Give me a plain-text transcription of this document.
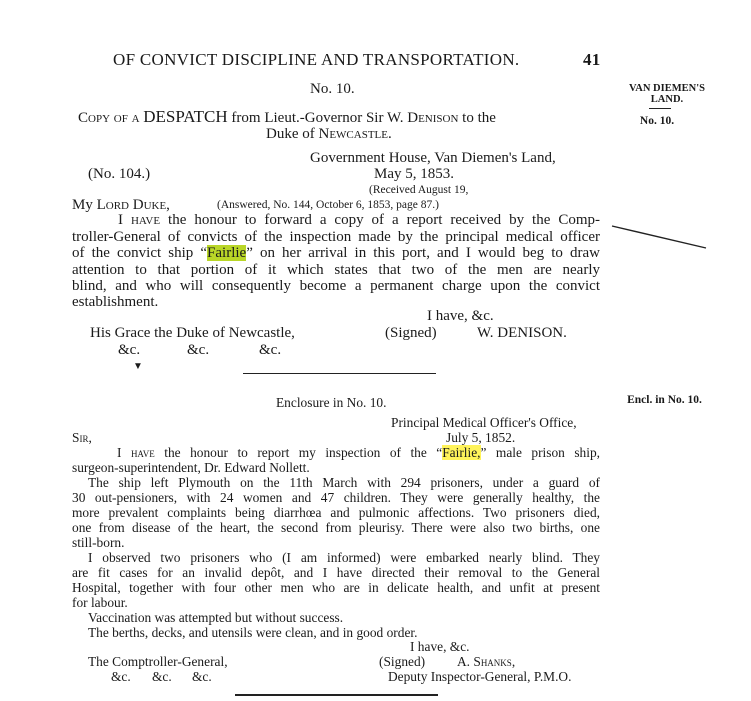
OF CONVICT DISCIPLINE AND TRANSPORTATION.	41
VAN DIEMEN'S
LAND.
No. 10.
Encl. in No. 10.
No. 10.
Copy of a DESPATCH from Lieut.-Governor Sir W. Denison to the
Duke of Newcastle.
Government House, Van Diemen's Land,
(No. 104.)	May 5, 1853.
(Received August 19,
My Lord Duke,	(Answered, No. 144, October 6, 1853, page 87.)
I have the honour to forward a copy of a report received by the Comp-
troller-General of convicts of the inspection made by the principal medical officer
of the convict ship “Fairlie” on her arrival in this port, and I would beg to draw
attention to that portion of it which states that two of the men are nearly
blind, and who will consequently become a permanent charge upon the convict
establishment.
I have, &c.
His Grace the Duke of Newcastle,	(Signed)	W. DENISON.
&c.	&c.	&c.
▼
Enclosure in No. 10.
Principal Medical Officer's Office,
July 5, 1852.
Sir,
I have the honour to report my inspection of the “Fairlie,” male prison ship,
surgeon-superintendent, Dr. Edward Nollett.
The ship left Plymouth on the 11th March with 294 prisoners, under a guard of
30 out-pensioners, with 24 women and 47 children. They were generally healthy, the
more prevalent complaints being diarrhœa and pulmonic affections. Two prisoners died,
one from disease of the heart, the second from pleurisy. There were also two births, one
still-born.
I observed two prisoners who (I am informed) were embarked nearly blind. They
are fit cases for an invalid depôt, and I have directed their removal to the General
Hospital, together with four other men who are in delicate health, and unfit at present
for labour.
Vaccination was attempted but without success.
The berths, decks, and utensils were clean, and in good order.
I have, &c.
The Comptroller-General,	(Signed) A. Shanks,
&c. &c. &c.	Deputy Inspector-General, P.M.O.
